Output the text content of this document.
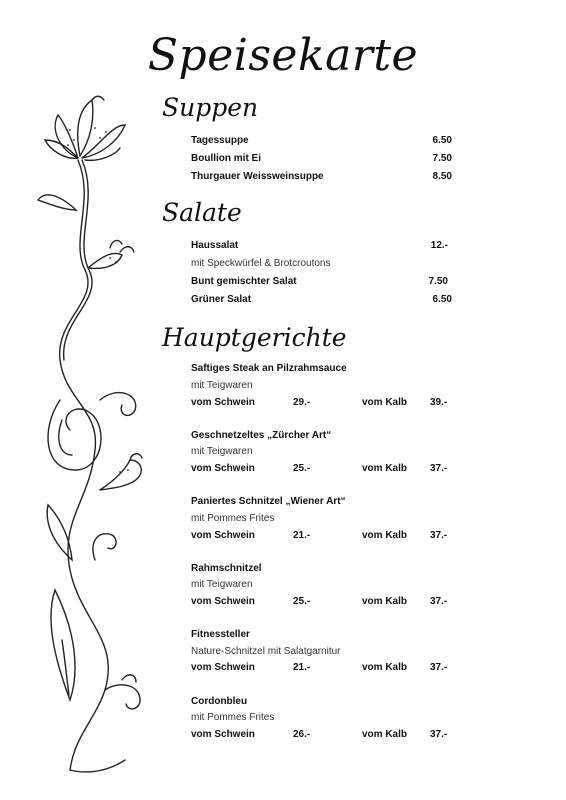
Speisekarte
Suppen
Tagessuppe	6.50
Boullion mit Ei	7.50
Thurgauer Weissweinsuppe	8.50
Salate
Haussalat	12.-
mit Speckwürfel & Brotcroutons
Bunt gemischter Salat	7.50
Grüner Salat	6.50
Hauptgerichte
Saftiges Steak an Pilzrahmsauce
mit Teigwaren
vom Schwein	29.-	vom Kalb 39.-
Geschnetzeltes „Zürcher Art“
mit Teigwaren
vom Schwein	25.-	vom Kalb 37.-
Paniertes Schnitzel „Wiener Art“
mit Pommes Frites
vom Schwein	21.-	vom Kalb 37.-
Rahmschnitzel
mit Teigwaren
vom Schwein	25.-	vom Kalb 37.-
Fitnessteller
Nature-Schnitzel mit Salatgarnitur
vom Schwein	21.-	vom Kalb 37.-
Cordonbleu
mit Pommes Frites
vom Schwein	26.-	vom Kalb 37.-
